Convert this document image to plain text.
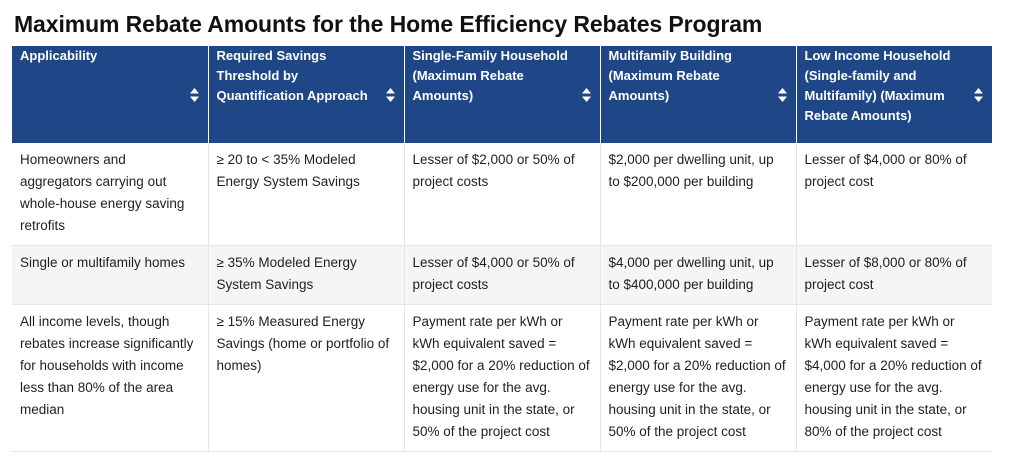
Maximum Rebate Amounts for the Home Efficiency Rebates Program
Applicability	Required Savings Threshold by Quantification Approach	Single-Family Household (Maximum Rebate Amounts)	Multifamily Building (Maximum Rebate Amounts)	Low Income Household (Single-family and Multifamily) (Maximum Rebate Amounts)

Homeowners and aggregators carrying out whole-house energy saving retrofits	≥ 20 to < 35% Modeled Energy System Savings	Lesser of $2,000 or 50% of project costs	$2,000 per dwelling unit, up to $200,000 per building	Lesser of $4,000 or 80% of project cost
Single or multifamily homes	≥ 35% Modeled Energy System Savings	Lesser of $4,000 or 50% of project costs	$4,000 per dwelling unit, up to $400,000 per building	Lesser of $8,000 or 80% of project cost
All income levels, though rebates increase significantly for households with income less than 80% of the area median	≥ 15% Measured Energy Savings (home or portfolio of homes)	Payment rate per kWh or kWh equivalent saved = $2,000 for a 20% reduction of energy use for the avg. housing unit in the state, or 50% of the project cost	Payment rate per kWh or kWh equivalent saved = $2,000 for a 20% reduction of energy use for the avg. housing unit in the state, or 50% of the project cost	Payment rate per kWh or kWh equivalent saved = $4,000 for a 20% reduction of energy use for the avg. housing unit in the state, or 80% of the project cost
